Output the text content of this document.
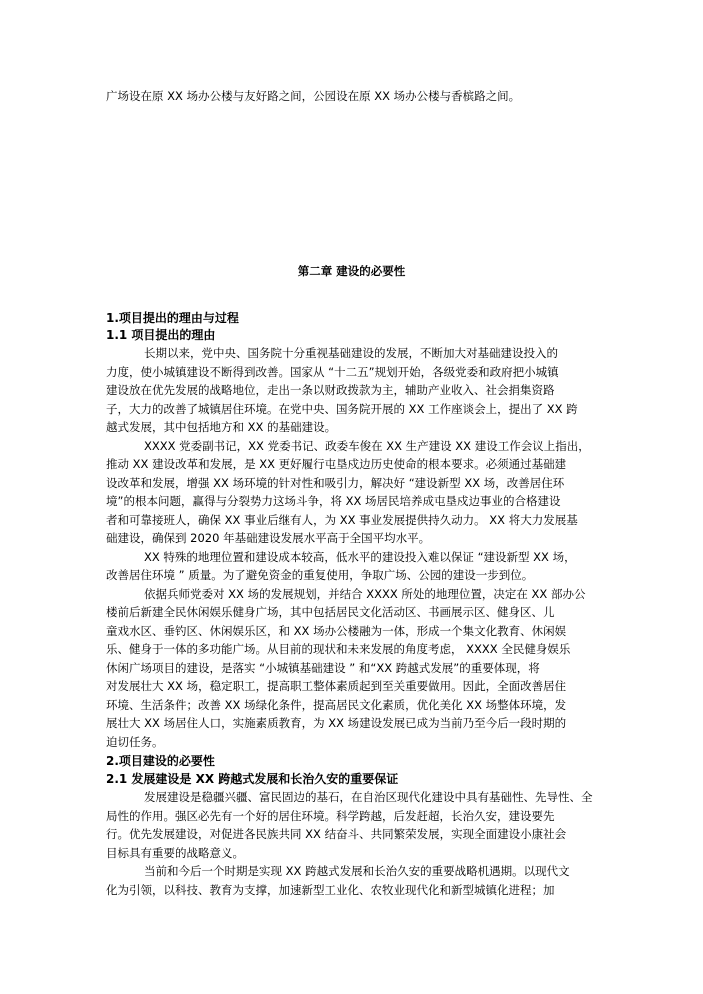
广场设在原 XX 场办公楼与友好路之间，公园设在原 XX 场办公楼与香槟路之间。
第二章 建设的必要性
1.项目提出的理由与过程
1.1 项目提出的理由
长期以来，党中央、国务院十分重视基础建设的发展，不断加大对基础建设投入的
力度，使小城镇建设不断得到改善。国家从 “十二五”规划开始，各级党委和政府把小城镇
建设放在优先发展的战略地位，走出一条以财政拨款为主，辅助产业收入、社会捐集资路
子，大力的改善了城镇居住环境。在党中央、国务院开展的 XX 工作座谈会上，提出了 XX 跨
越式发展，其中包括地方和 XX 的基础建设。
XXXX 党委副书记，XX 党委书记、政委车俊在 XX 生产建设 XX 建设工作会议上指出，
推动 XX 建设改革和发展，是 XX 更好履行屯垦戍边历史使命的根本要求。必须通过基础建
设改革和发展，增强 XX 场环境的针对性和吸引力，解决好 “建设新型 XX 场，改善居住环
境”的根本问题，赢得与分裂势力这场斗争，将 XX 场居民培养成屯垦戍边事业的合格建设
者和可靠接班人，确保 XX 事业后继有人，为 XX 事业发展提供持久动力。 XX 将大力发展基
础建设，确保到 2020 年基础建设发展水平高于全国平均水平。
XX 特殊的地理位置和建设成本较高，低水平的建设投入难以保证 “建设新型 XX 场，
改善居住环境 ” 质量。为了避免资金的重复使用，争取广场、公园的建设一步到位。
依据兵师党委对 XX 场的发展规划，并结合 XXXX 所处的地理位置，决定在 XX 部办公
楼前后新建全民休闲娱乐健身广场，其中包括居民文化活动区、书画展示区、健身区、儿
童戏水区、垂钓区、休闲娱乐区，和 XX 场办公楼融为一体，形成一个集文化教育、休闲娱
乐、健身于一体的多功能广场。从目前的现状和未来发展的角度考虑， XXXX 全民健身娱乐
休闲广场项目的建设，是落实 “小城镇基础建设 ” 和“XX 跨越式发展”的重要体现，将
对发展壮大 XX 场，稳定职工，提高职工整体素质起到至关重要做用。因此，全面改善居住
环境、生活条件；改善 XX 场绿化条件，提高居民文化素质，优化美化 XX 场整体环境，发
展壮大 XX 场居住人口，实施素质教育，为 XX 场建设发展已成为当前乃至今后一段时期的
迫切任务。
2.项目建设的必要性
2.1 发展建设是 XX 跨越式发展和长治久安的重要保证
发展建设是稳疆兴疆、富民固边的基石，在自治区现代化建设中具有基础性、先导性、全
局性的作用。强区必先有一个好的居住环境。科学跨越，后发赶超，长治久安，建设要先
行。优先发展建设，对促进各民族共同 XX 结奋斗、共同繁荣发展，实现全面建设小康社会
目标具有重要的战略意义。
当前和今后一个时期是实现 XX 跨越式发展和长治久安的重要战略机遇期。以现代文
化为引领，以科技、教育为支撑，加速新型工业化、农牧业现代化和新型城镇化进程；加
